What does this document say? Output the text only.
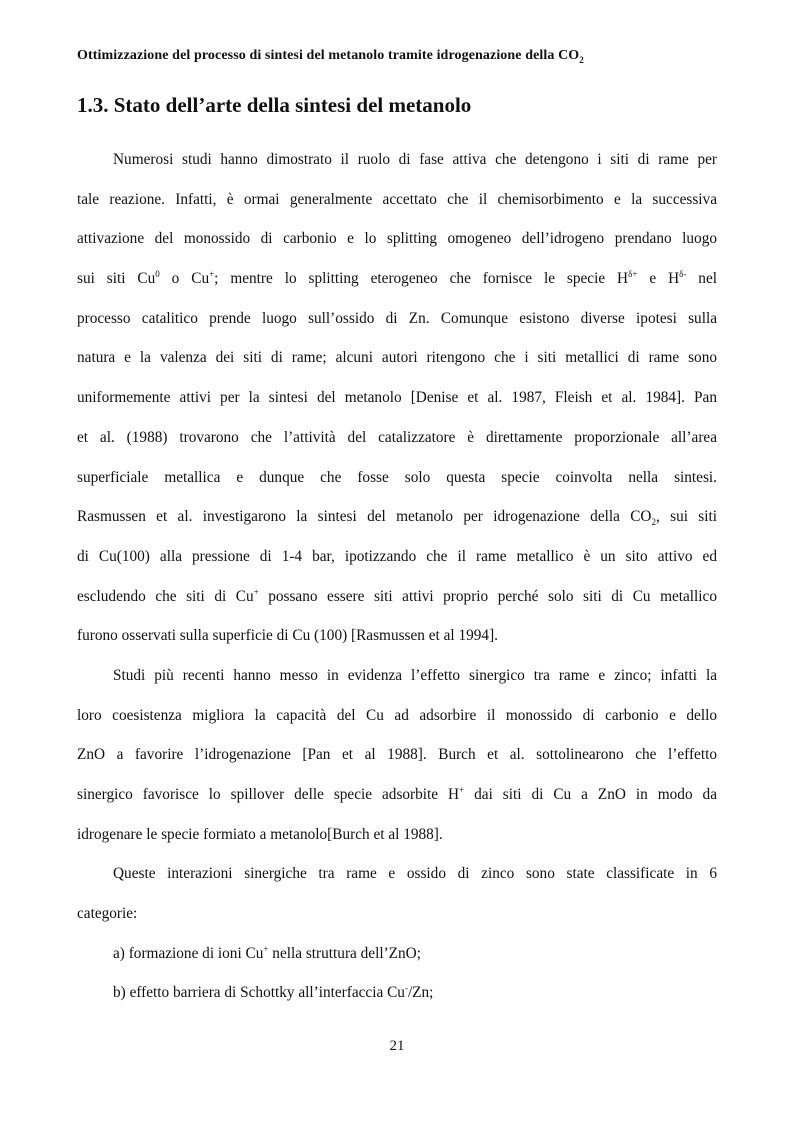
Ottimizzazione del processo di sintesi del metanolo tramite idrogenazione della $CO_2$
1.3. Stato dell’arte della sintesi del metanolo
Numerosi studi hanno dimostrato il ruolo di fase attiva che detengono i siti di rame per
tale reazione. Infatti, è ormai generalmente accettato che il chemisorbimento e la successiva
attivazione del monossido di carbonio e lo splitting omogeneo dell’idrogeno prendano luogo
sui siti Cu$^0$ o Cu+; mentre lo splitting eterogeneo che fornisce le specie $H^{\delta+}$ e $H^{\delta-}$ nel
processo catalitico prende luogo sull’ossido di Zn. Comunque esistono diverse ipotesi sulla
natura e la valenza dei siti di rame; alcuni autori ritengono che i siti metallici di rame sono
uniformemente attivi per la sintesi del metanolo [Denise et al. 1987, Fleish et al. 1984]. Pan
et al. (1988) trovarono che l’attività del catalizzatore è direttamente proporzionale all’area
superficiale metallica e dunque che fosse solo questa specie coinvolta nella sintesi.
Rasmussen et al. investigarono la sintesi del metanolo per idrogenazione della $CO_2$, sui siti
di Cu(100) alla pressione di 1-4 bar, ipotizzando che il rame metallico è un sito attivo ed
escludendo che siti di Cu+ possano essere siti attivi proprio perché solo siti di Cu metallico
furono osservati sulla superficie di Cu (100) [Rasmussen et al 1994].
Studi più recenti hanno messo in evidenza l’effetto sinergico tra rame e zinco; infatti la
loro coesistenza migliora la capacità del Cu ad adsorbire il monossido di carbonio e dello
ZnO a favorire l’idrogenazione [Pan et al 1988]. Burch et al. sottolinearono che l’effetto
sinergico favorisce lo spillover delle specie adsorbite H+ dai siti di Cu a ZnO in modo da
idrogenare le specie formiato a metanolo[Burch et al 1988].
Queste interazioni sinergiche tra rame e ossido di zinco sono state classificate in 6
categorie:
a) formazione di ioni Cu+ nella struttura dell’ZnO;
b) effetto barriera di Schottky all’interfaccia Cu-/Zn;
21
